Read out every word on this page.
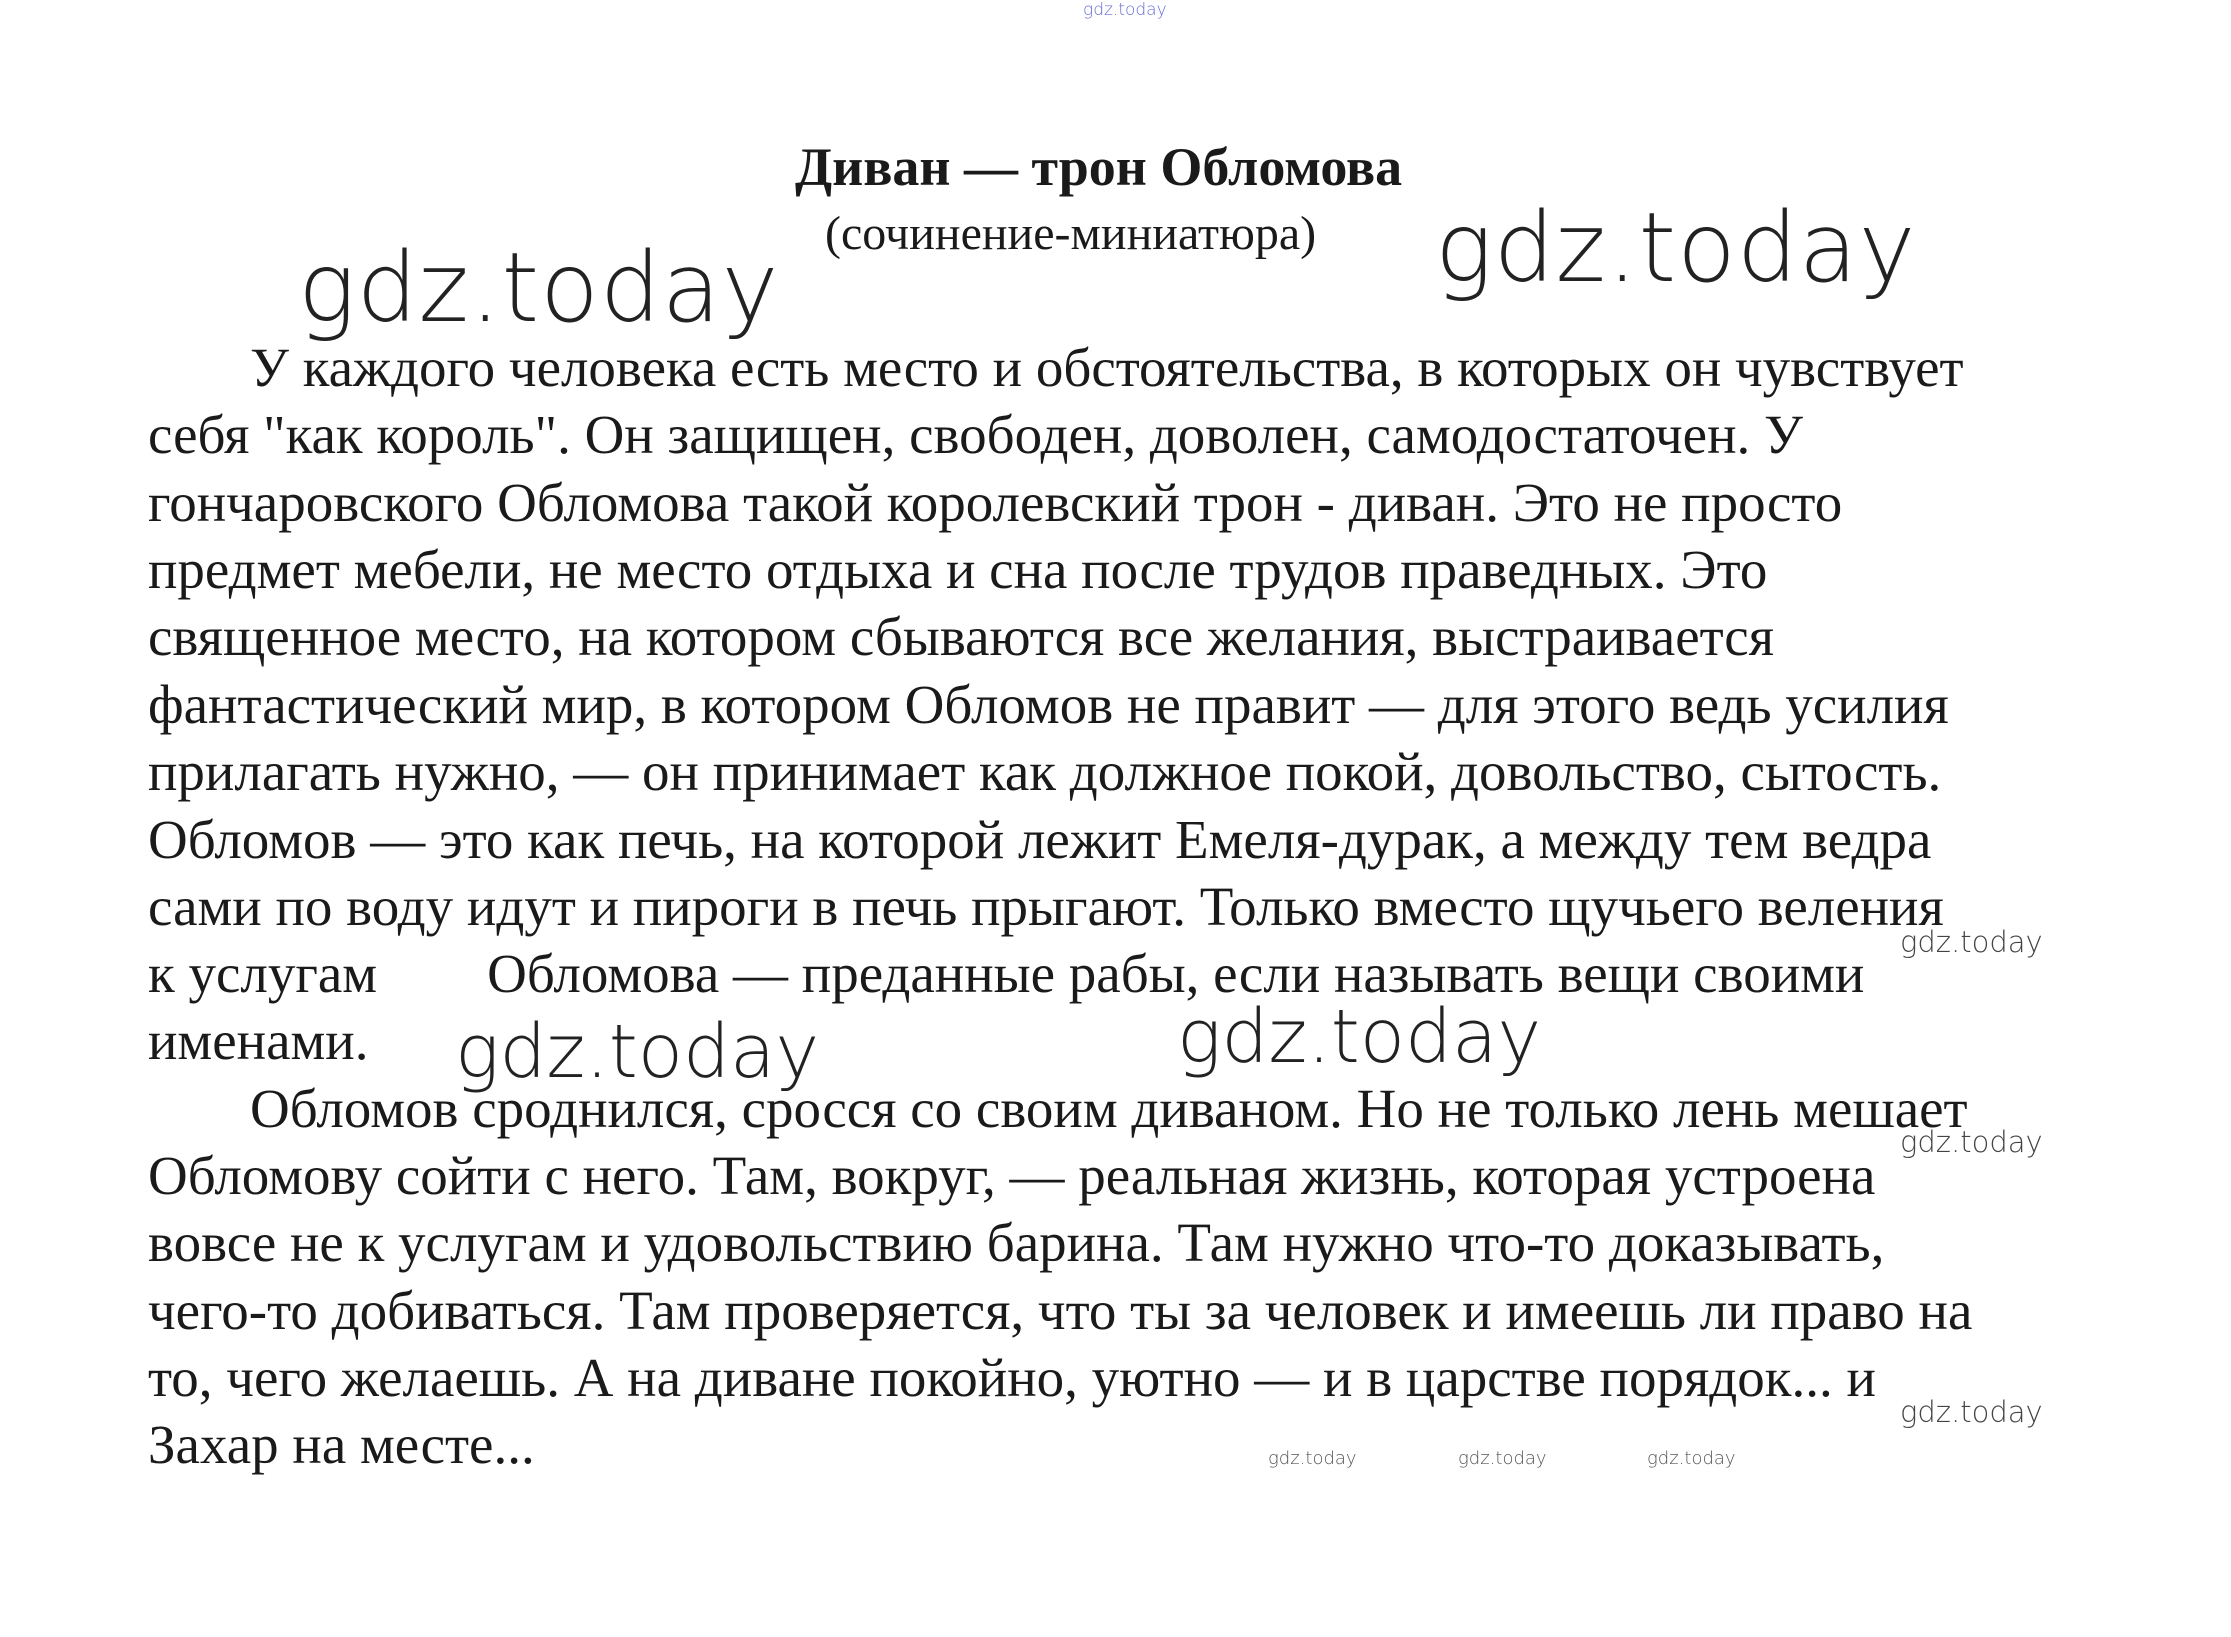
gdz.today
Диван — трон Обломова
(сочинение-миниатюра) gdz.today
gdz.today
У каждого человека есть место и обстоятельства, в которых он чувствует
себя "как король". Он защищен, свободен, доволен, самодостаточен. У
гончаровского Обломова такой королевский трон - диван. Это не просто
предмет мебели, не место отдыха и сна после трудов праведных. Это
священное место, на котором сбываются все желания, выстраивается
фантастический мир, в котором Обломов не правит — для этого ведь усилия
прилагать нужно, — он принимает как должное покой, довольство, сытость.
Обломов — это как печь, на которой лежит Емеля-дурак, а между тем ведра
сами по воду идут и пироги в печь прыгают. Только вместо щучьего веления
к услугам        Обломова — преданные рабы, если называть вещи своими
именами. gdz.today	gdz.today
gdz.today
gdz.today
gdz.today
Обломов сроднился, сросся со своим диваном. Но не только лень мешает
Обломову сойти с него. Там, вокруг, — реальная жизнь, которая устроена
вовсе не к услугам и удовольствию барина. Там нужно что-то доказывать,
чего-то добиваться. Там проверяется, что ты за человек и имеешь ли право на
то, чего желаешь. А на диване покойно, уютно — и в царстве порядок... и
Захар на месте...	gdz.today	gdz.today	gdz.today
